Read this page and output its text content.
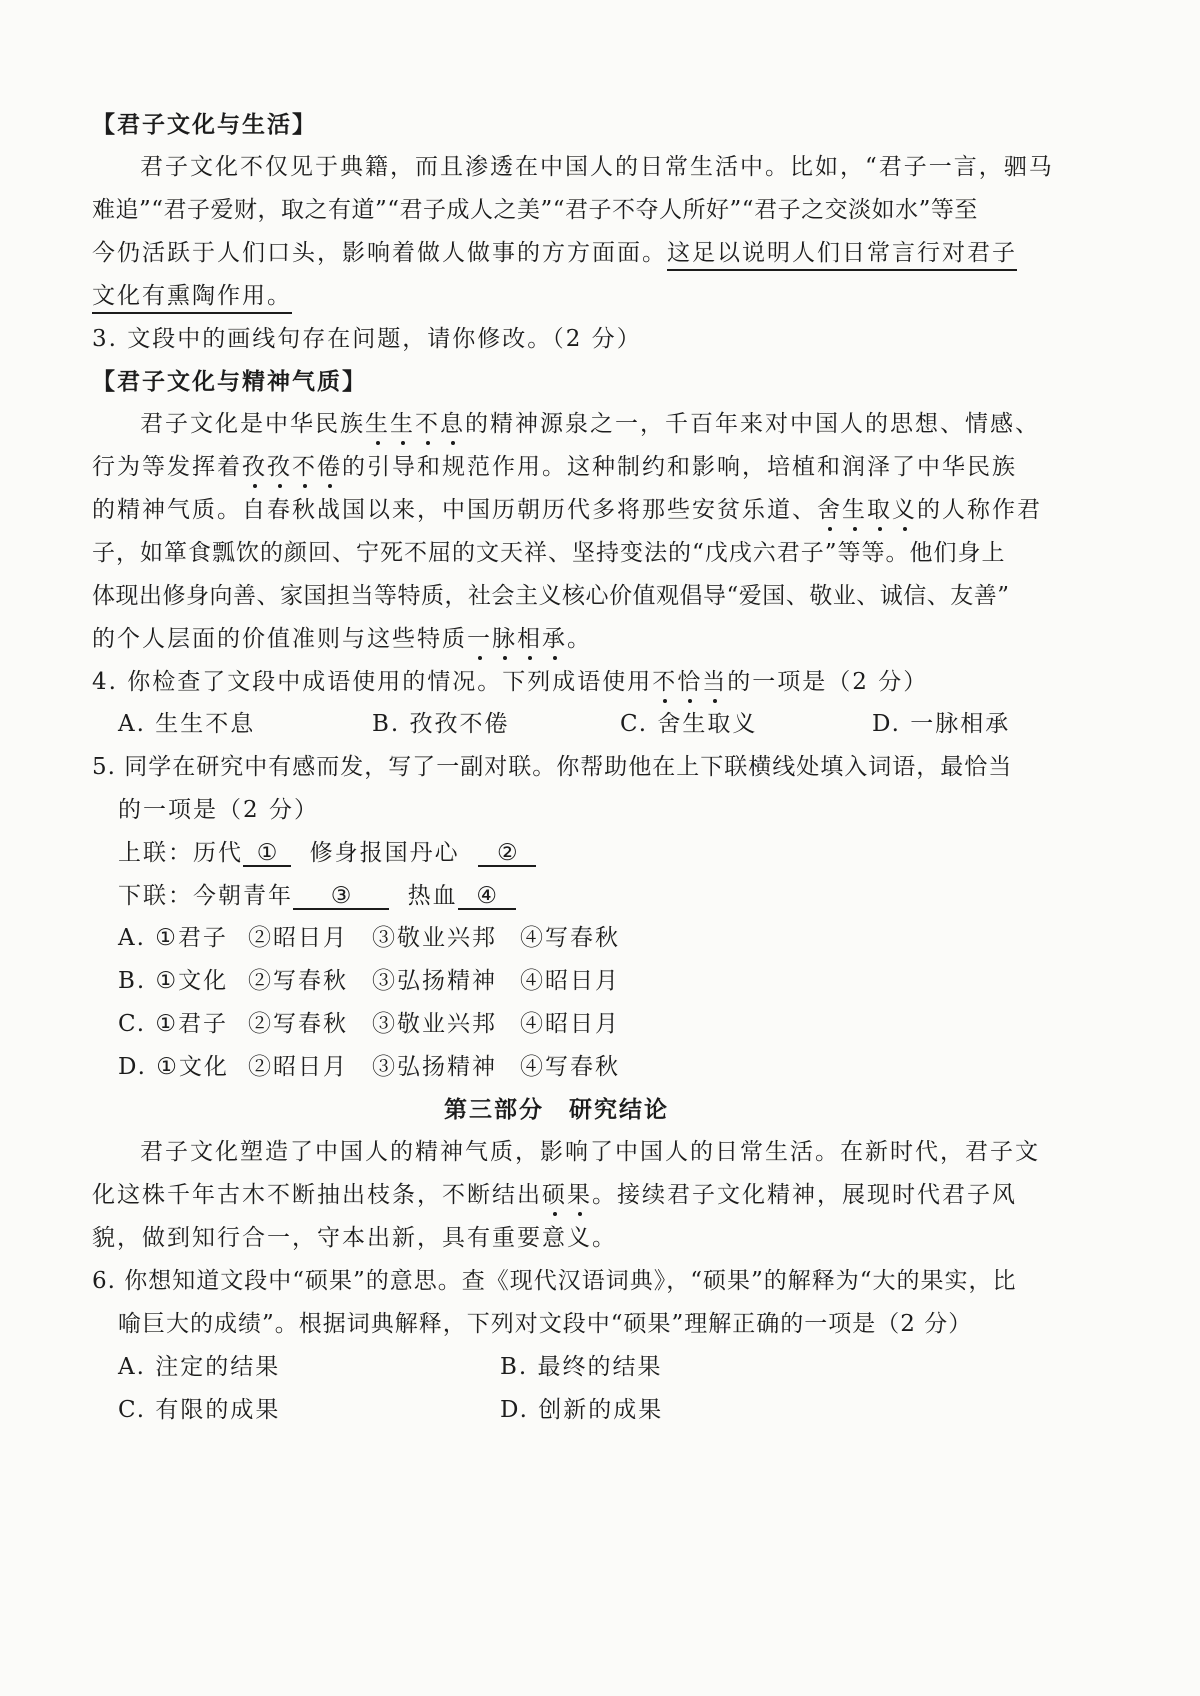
【君子文化与生活】
君子文化不仅见于典籍，而且渗透在中国人的日常生活中。比如，“君子一言，驷马
难追”“君子爱财，取之有道”“君子成人之美”“君子不夺人所好”“君子之交淡如水”等至
今仍活跃于人们口头，影响着做人做事的方方面面。这足以说明人们日常言行对君子
文化有熏陶作用。
3. 文段中的画线句存在问题，请你修改。（2 分）
【君子文化与精神气质】
君子文化是中华民族生生不息的精神源泉之一，千百年来对中国人的思想、情感、
行为等发挥着孜孜不倦的引导和规范作用。这种制约和影响，培植和润泽了中华民族
的精神气质。自春秋战国以来，中国历朝历代多将那些安贫乐道、舍生取义的人称作君
子，如箪食瓢饮的颜回、宁死不屈的文天祥、坚持变法的“戊戌六君子”等等。他们身上
体现出修身向善、家国担当等特质，社会主义核心价值观倡导“爱国、敬业、诚信、友善”
的个人层面的价值准则与这些特质一脉相承。
4. 你检查了文段中成语使用的情况。下列成语使用不恰当的一项是（2 分）
A. 生生不息	B. 孜孜不倦	C. 舍生取义	D. 一脉相承
5. 同学在研究中有感而发，写了一副对联。你帮助他在上下联横线处填入词语，最恰当
的一项是（2 分）
上联：历代 ① 修身报国丹心 ②
下联：今朝青年 ③ 热血 ④
A. ①君子 ②昭日月 ③敬业兴邦 ④写春秋
B. ①文化 ②写春秋 ③弘扬精神 ④昭日月
C. ①君子 ②写春秋 ③敬业兴邦 ④昭日月
D. ①文化 ②昭日月 ③弘扬精神 ④写春秋
第三部分　研究结论
君子文化塑造了中国人的精神气质，影响了中国人的日常生活。在新时代，君子文
化这株千年古木不断抽出枝条，不断结出硕果。接续君子文化精神，展现时代君子风
貌，做到知行合一，守本出新，具有重要意义。
6. 你想知道文段中“硕果”的意思。查《现代汉语词典》，“硕果”的解释为“大的果实，比
喻巨大的成绩”。根据词典解释，下列对文段中“硕果”理解正确的一项是（2 分）
A. 注定的结果	B. 最终的结果
C. 有限的成果	D. 创新的成果
